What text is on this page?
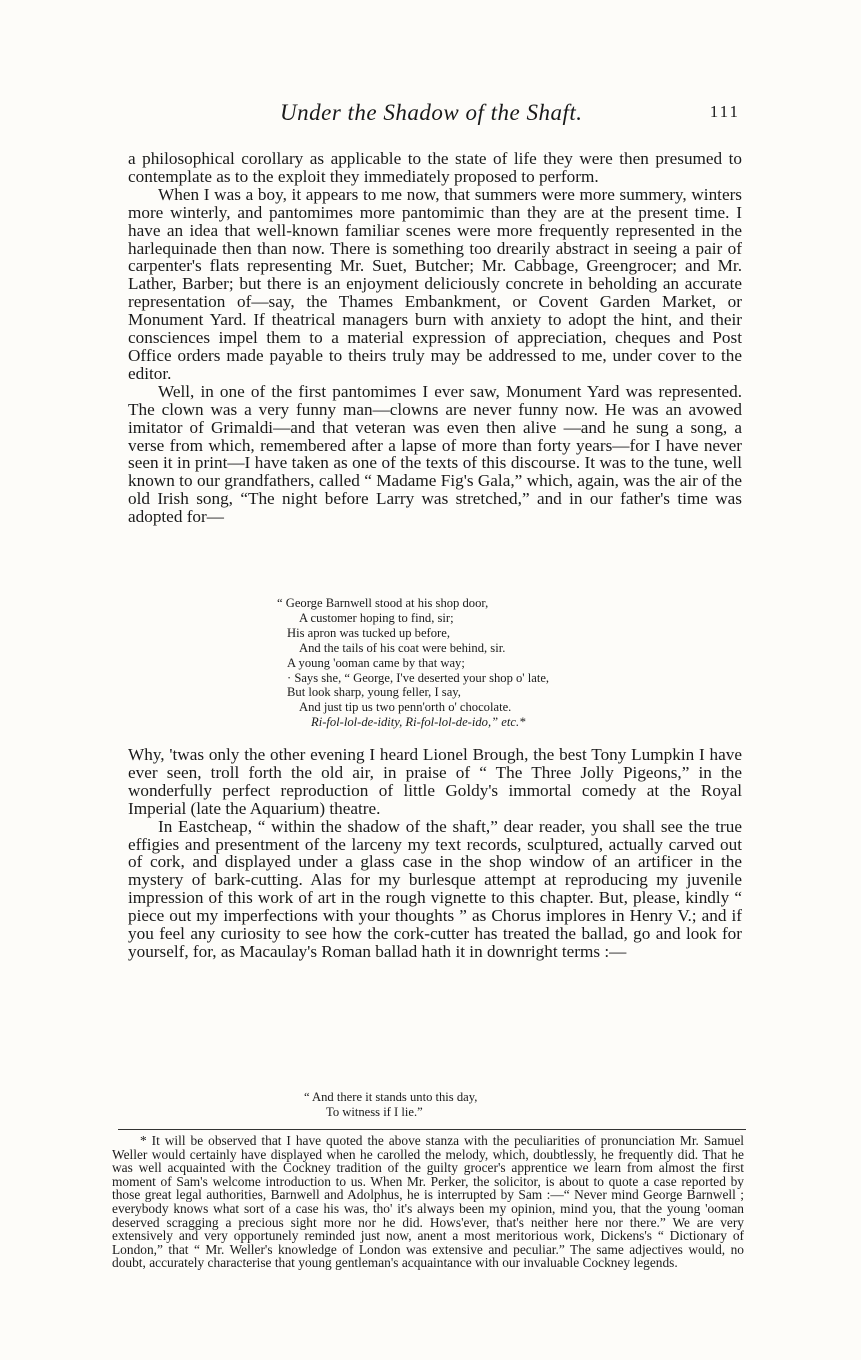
Under the Shadow of the Shaft.	111

a philosophical corollary as applicable to the state of life they were then presumed to contemplate as to the exploit they immediately proposed to perform.

When I was a boy, it appears to me now, that summers were more summery, winters more winterly, and pantomimes more pantomimic than they are at the present time. I have an idea that well-known familiar scenes were more frequently represented in the harlequinade then than now. There is something too drearily abstract in seeing a pair of carpenter's flats representing Mr. Suet, Butcher; Mr. Cabbage, Greengrocer; and Mr. Lather, Barber; but there is an enjoyment deliciously concrete in beholding an accurate representation of—say, the Thames Embankment, or Covent Garden Market, or Monument Yard. If theatrical managers burn with anxiety to adopt the hint, and their consciences impel them to a material expression of appreciation, cheques and Post Office orders made payable to theirs truly may be addressed to me, under cover to the editor.

Well, in one of the first pantomimes I ever saw, Monument Yard was represented. The clown was a very funny man—clowns are never funny now. He was an avowed imitator of Grimaldi—and that veteran was even then alive —and he sung a song, a verse from which, remembered after a lapse of more than forty years—for I have never seen it in print—I have taken as one of the texts of this discourse. It was to the tune, well known to our grandfathers, called “ Madame Fig's Gala,” which, again, was the air of the old Irish song, “The night before Larry was stretched,” and in our father's time was adopted for—

“ George Barnwell stood at his shop door,
A customer hoping to find, sir;
His apron was tucked up before,
And the tails of his coat were behind, sir.
A young 'ooman came by that way;
· Says she, “ George, I've deserted your shop o' late,
But look sharp, young feller, I say,
And just tip us two penn'orth o' chocolate.
Ri-fol-lol-de-idity, Ri-fol-lol-de-ido,” etc.*

Why, 'twas only the other evening I heard Lionel Brough, the best Tony Lumpkin I have ever seen, troll forth the old air, in praise of “ The Three Jolly Pigeons,” in the wonderfully perfect reproduction of little Goldy's immortal comedy at the Royal Imperial (late the Aquarium) theatre.

In Eastcheap, “ within the shadow of the shaft,” dear reader, you shall see the true effigies and presentment of the larceny my text records, sculptured, actually carved out of cork, and displayed under a glass case in the shop window of an artificer in the mystery of bark-cutting. Alas for my burlesque attempt at reproducing my juvenile impression of this work of art in the rough vignette to this chapter. But, please, kindly “ piece out my imperfections with your thoughts ” as Chorus implores in Henry V.; and if you feel any curiosity to see how the cork-cutter has treated the ballad, go and look for yourself, for, as Macaulay's Roman ballad hath it in downright terms :—

“ And there it stands unto this day,
To witness if I lie.”

* It will be observed that I have quoted the above stanza with the peculiarities of pronunciation Mr. Samuel Weller would certainly have displayed when he carolled the melody, which, doubtlessly, he frequently did. That he was well acquainted with the Cockney tradition of the guilty grocer's apprentice we learn from almost the first moment of Sam's welcome introduction to us. When Mr. Perker, the solicitor, is about to quote a case reported by those great legal authorities, Barnwell and Adolphus, he is interrupted by Sam :—“ Never mind George Barnwell ; everybody knows what sort of a case his was, tho' it's always been my opinion, mind you, that the young 'ooman deserved scragging a precious sight more nor he did. Hows'ever, that's neither here nor there.” We are very extensively and very opportunely reminded just now, anent a most meritorious work, Dickens's “ Dictionary of London,” that “ Mr. Weller's knowledge of London was extensive and peculiar.” The same adjectives would, no doubt, accurately characterise that young gentleman's acquaintance with our invaluable Cockney legends.
